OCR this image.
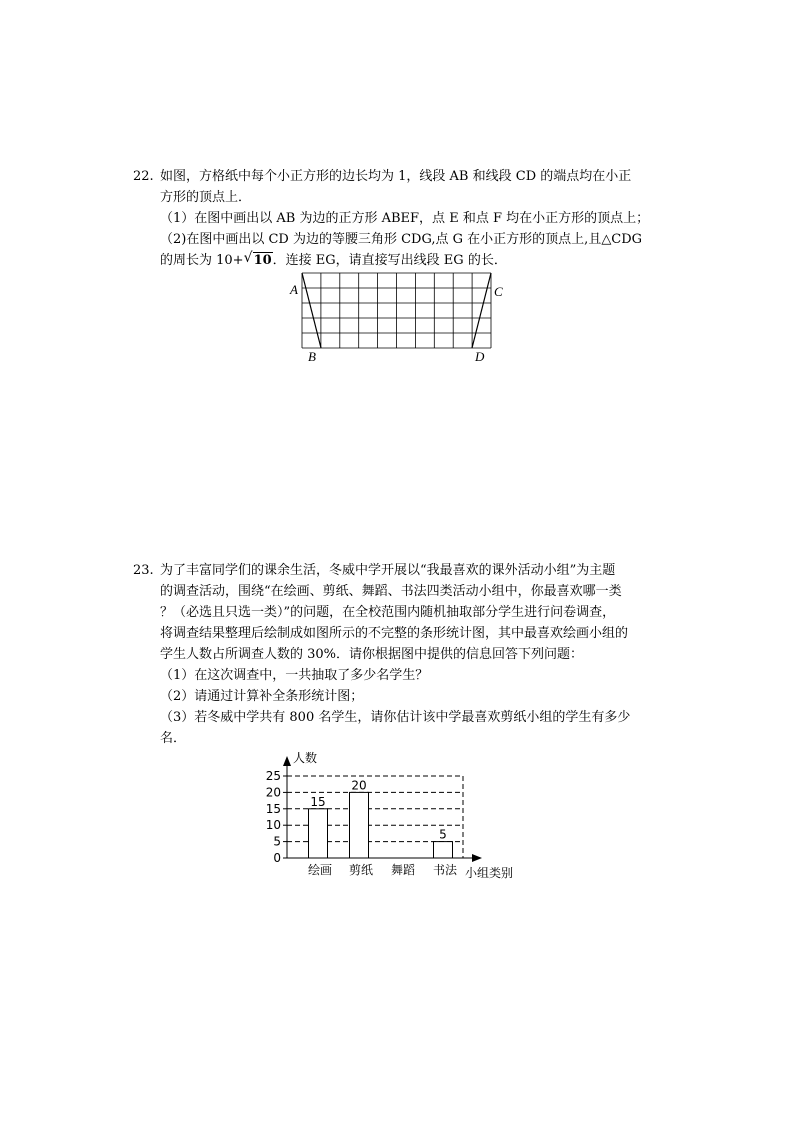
22. 如图，方格纸中每个小正方形的边长均为 1，线段 AB 和线段 CD 的端点均在小正
方形的顶点上．
（1）在图中画出以 AB 为边的正方形 ABEF，点 E 和点 F 均在小正方形的顶点上；
（2)在图中画出以 CD 为边的等腰三角形 CDG,点 G 在小正方形的顶点上,且△CDG
的周长为 10+ √ 10．连接 EG，请直接写出线段 EG 的长．
A
B
C
D
23. 为了丰富同学们的课余生活，冬威中学开展以“我最喜欢的课外活动小组”为主题
的调查活动，围绕“在绘画、剪纸、舞蹈、书法四类活动小组中，你最喜欢哪一类
？（必选且只选一类）”的问题，在全校范围内随机抽取部分学生进行问卷调查，
将调查结果整理后绘制成如图所示的不完整的条形统计图，其中最喜欢绘画小组的
学生人数占所调查人数的 30%．请你根据图中提供的信息回答下列问题：
（1）在这次调查中，一共抽取了多少名学生？
（2）请通过计算补全条形统计图；
（3）若冬威中学共有 800 名学生，请你估计该中学最喜欢剪纸小组的学生有多少
名．
0
5
10
15
20
25
人数
小组类别
15
绘画
20
剪纸 舞蹈
5
书法
